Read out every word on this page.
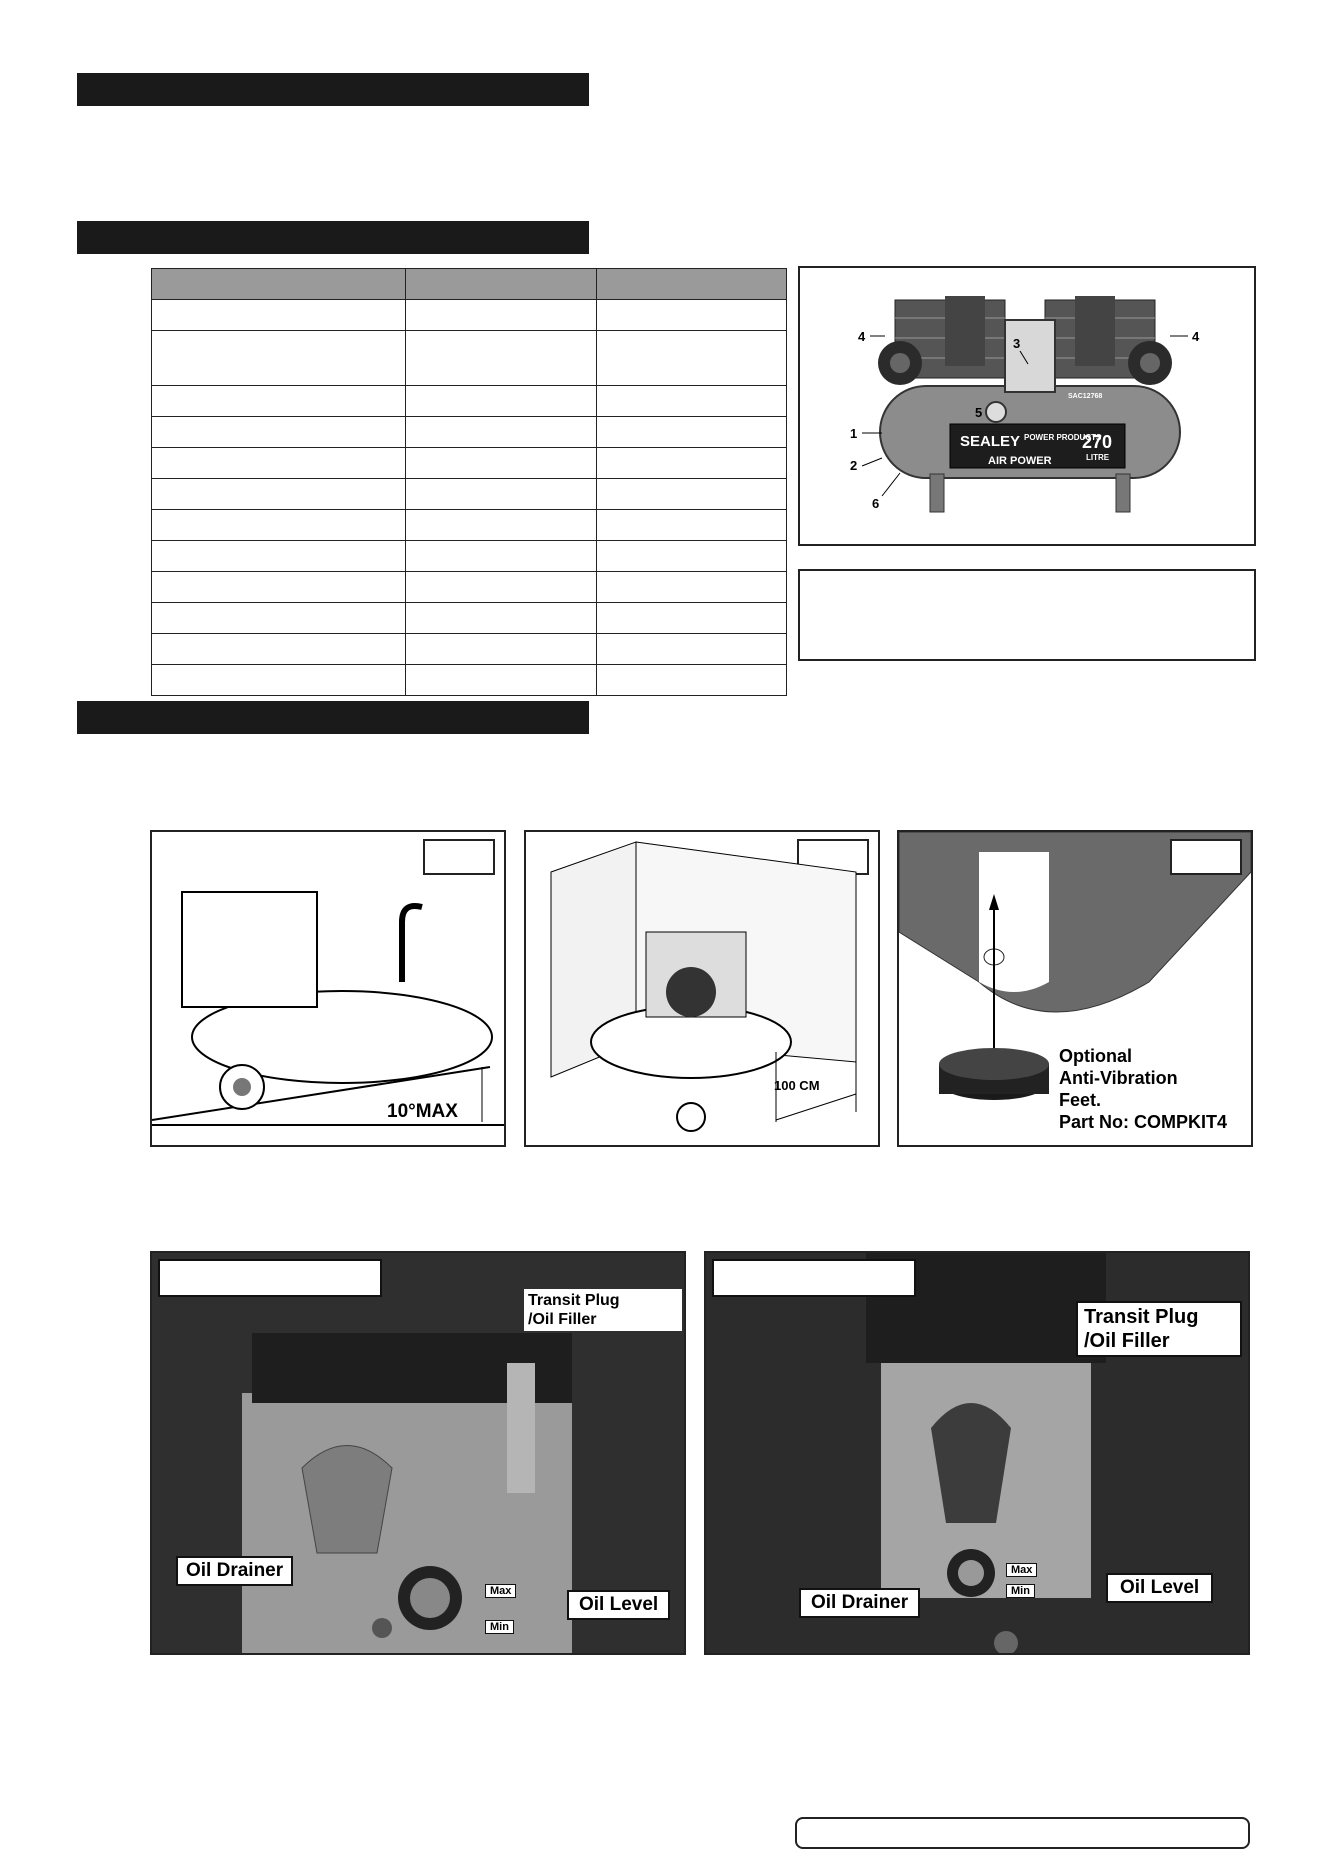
SEALEY POWER PRODUCTS
270
LITRE
AIR POWER
SAC12768
1
2
3
4	4
5
6
10°MAX
100 CM
Optional
Anti-Vibration
Feet.
Part No: COMPKIT4
Transit Plug
/Oil Filler
Oil Drainer
Oil Level
Max
Min
Transit Plug
/Oil Filler
Oil Drainer
Oil Level
Max
Min
